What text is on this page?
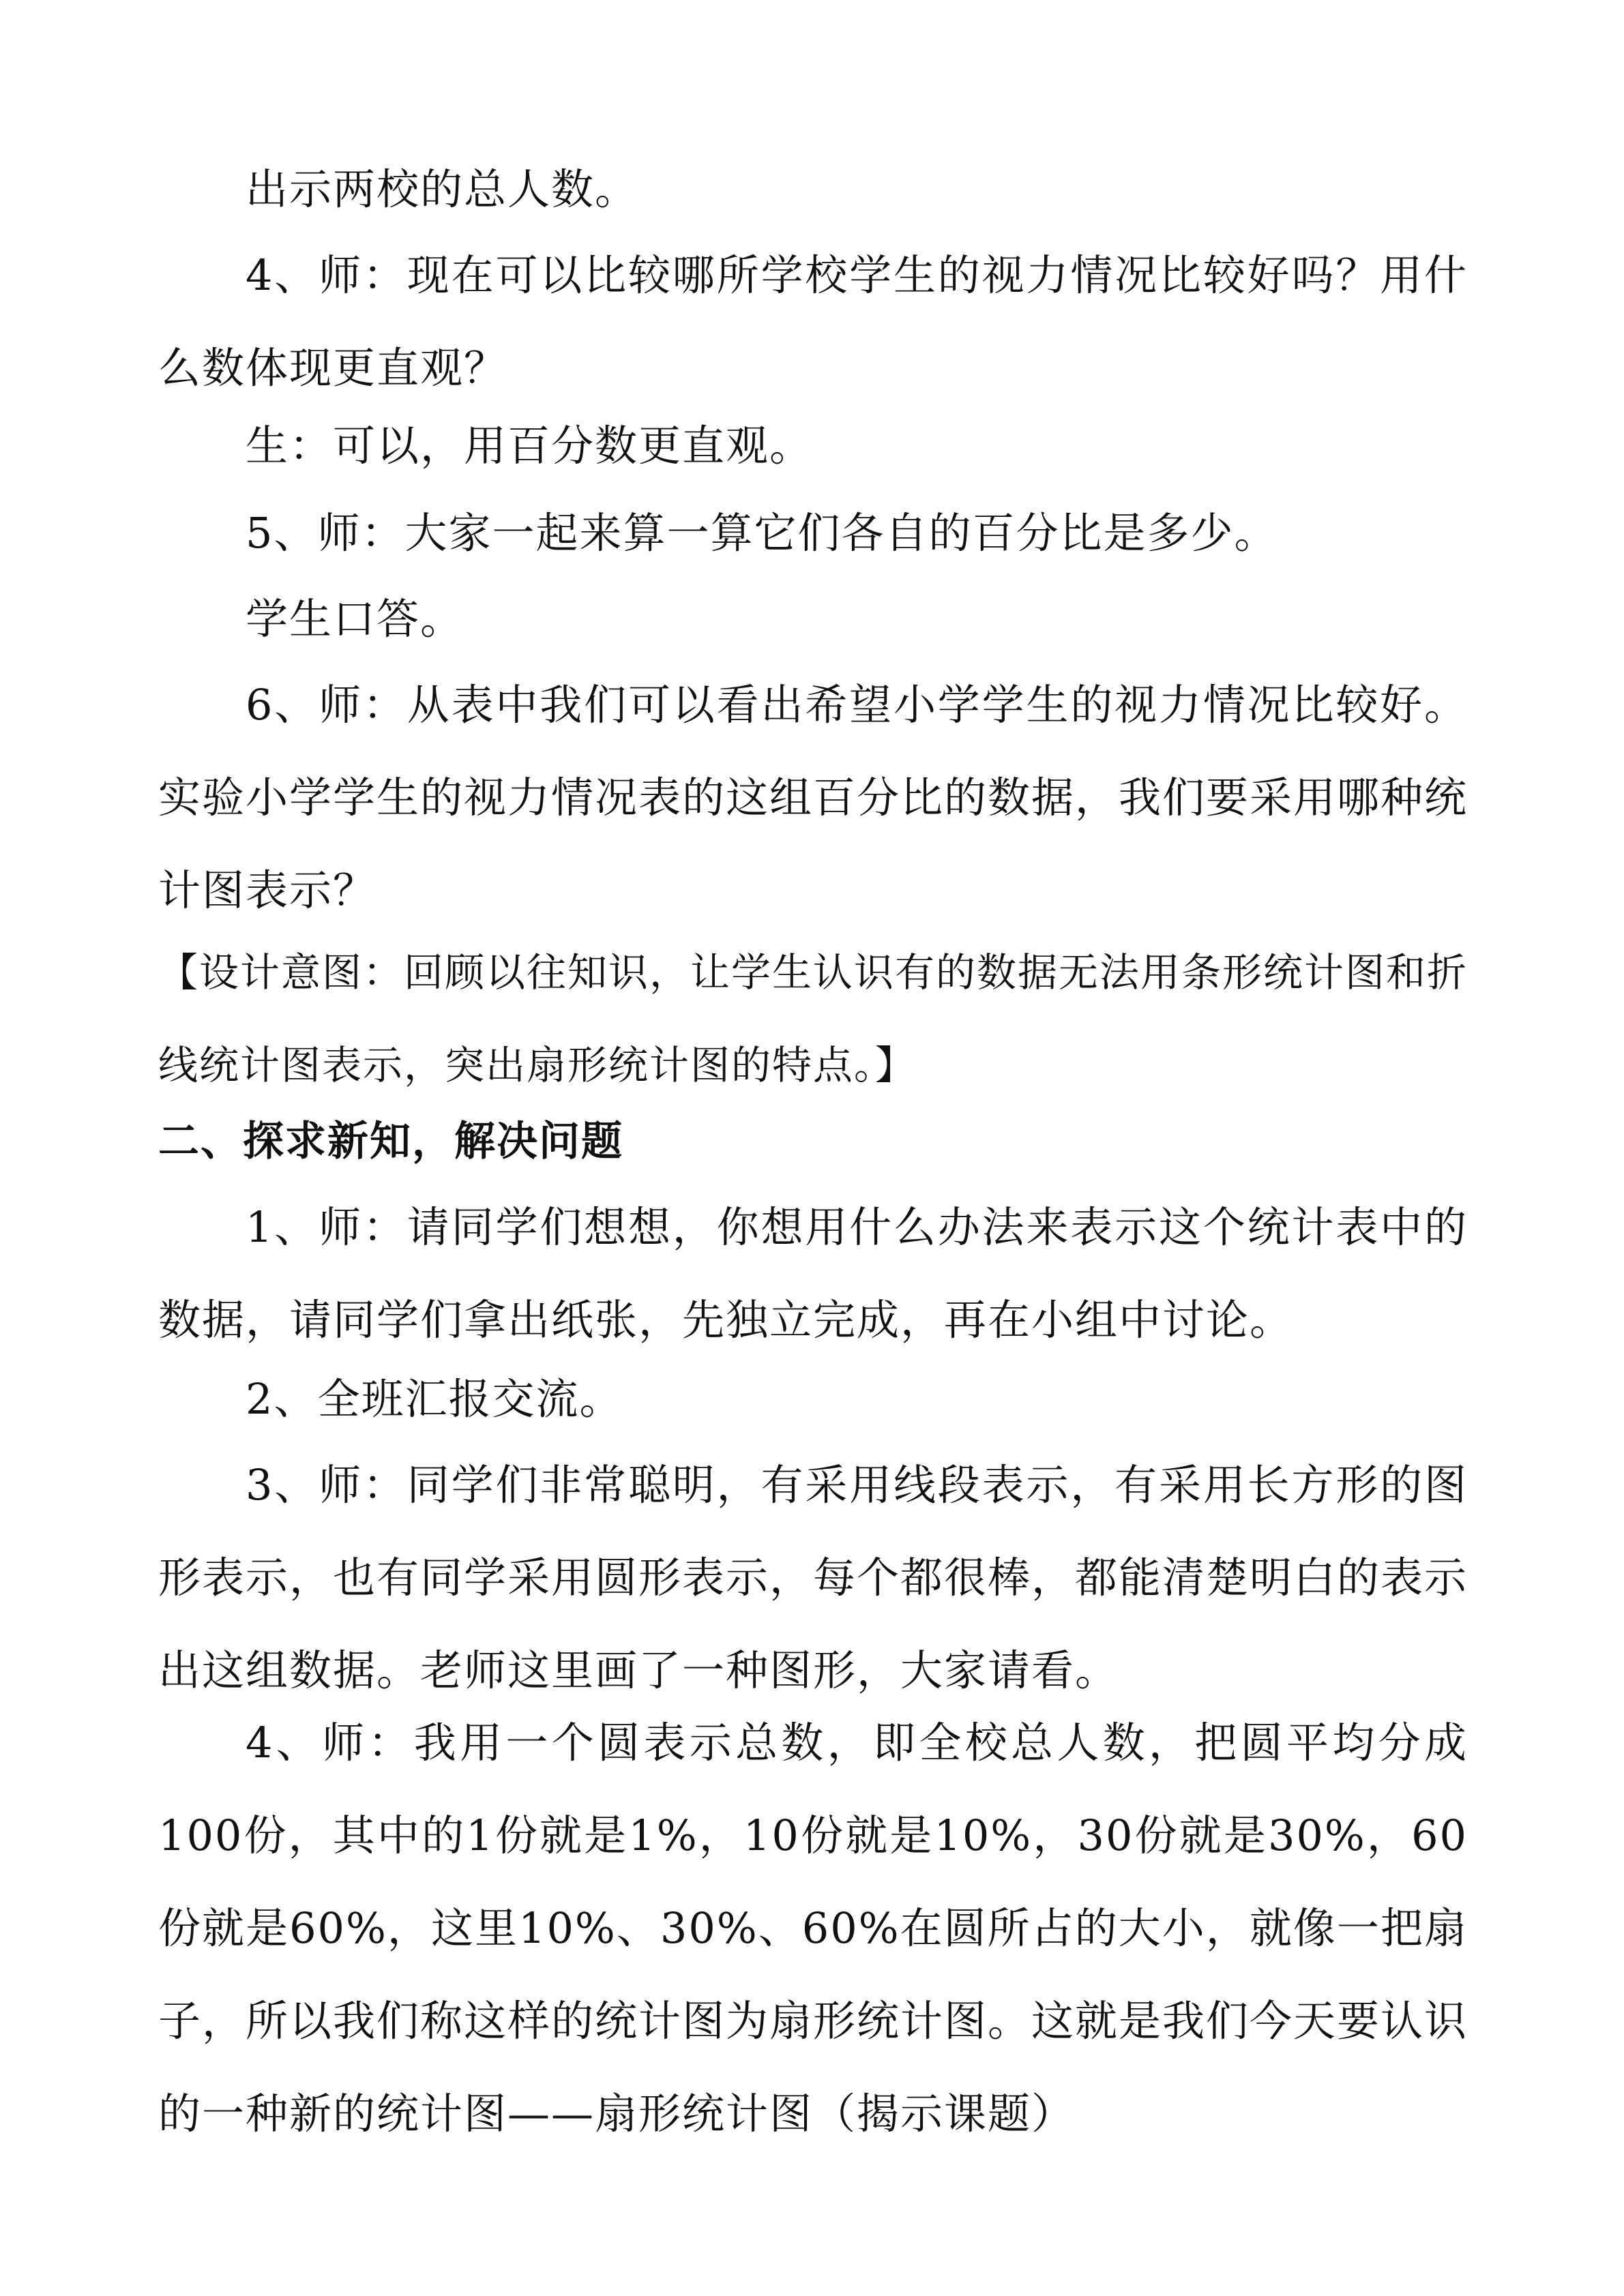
出示两校的总人数。

4、师：现在可以比较哪所学校学生的视力情况比较好吗？用什么数体现更直观？

生：可以，用百分数更直观。

5、师：大家一起来算一算它们各自的百分比是多少。

学生口答。

6、师：从表中我们可以看出希望小学学生的视力情况比较好。实验小学学生的视力情况表的这组百分比的数据，我们要采用哪种统计图表示？

【设计意图：回顾以往知识，让学生认识有的数据无法用条形统计图和折线统计图表示，突出扇形统计图的特点。】

二、探求新知，解决问题

1、师：请同学们想想，你想用什么办法来表示这个统计表中的数据，请同学们拿出纸张，先独立完成，再在小组中讨论。

2、全班汇报交流。

3、师：同学们非常聪明，有采用线段表示，有采用长方形的图形表示，也有同学采用圆形表示，每个都很棒，都能清楚明白的表示出这组数据。老师这里画了一种图形，大家请看。

4、师：我用一个圆表示总数，即全校总人数，把圆平均分成100份，其中的1份就是1%，10份就是10%，30份就是30%，60份就是60%，这里10%、30%、60%在圆所占的大小，就像一把扇子，所以我们称这样的统计图为扇形统计图。这就是我们今天要认识的一种新的统计图——扇形统计图（揭示课题）
